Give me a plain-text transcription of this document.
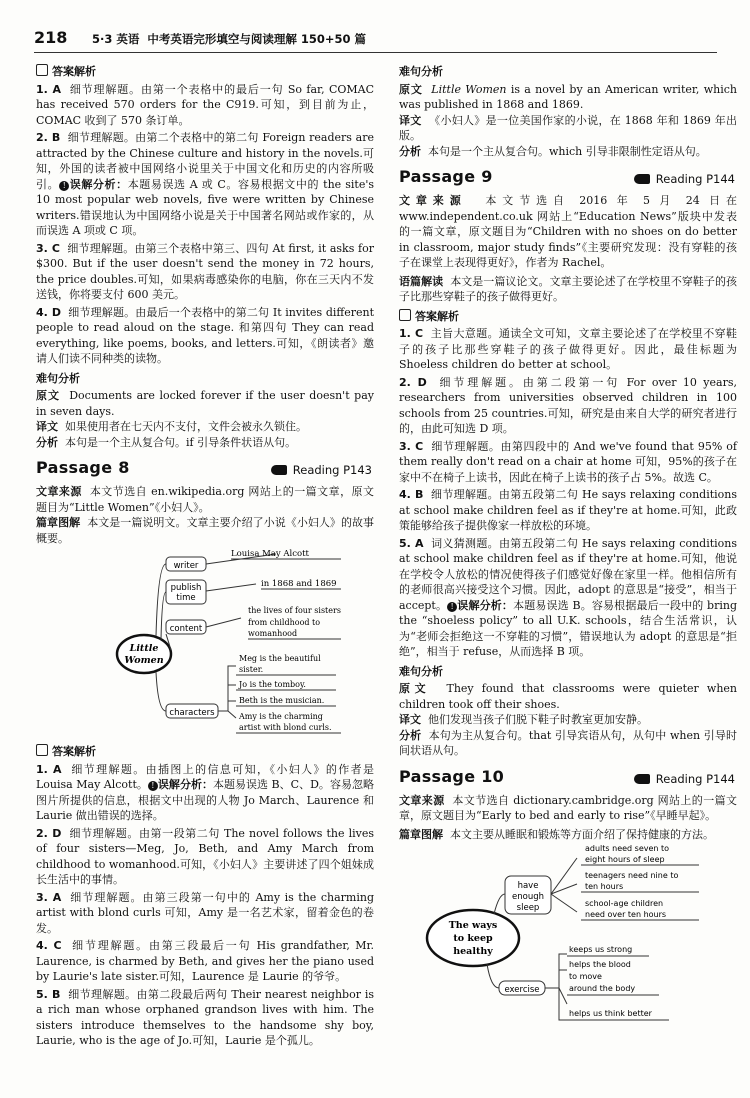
218 5·3 英语 中考英语完形填空与阅读理解 150+50 篇
答案解析
1. A 细节理解题。由第一个表格中的最后一句 So far, COMAC has received 570 orders for the C919.可知，到目前为止，COMAC 收到了 570 条订单。
2. B 细节理解题。由第二个表格中的第二句 Foreign readers are attracted by the Chinese culture and history in the novels.可知，外国的读者被中国网络小说里关于中国文化和历史的内容所吸引。 ! 误解分析：本题易误选 A 或 C。容易根据文中的 the site's 10 most popular web novels, five were written by Chinese writers.错误地认为中国网络小说是关于中国著名网站或作家的，从而误选 A 项或 C 项。
3. C 细节理解题。由第三个表格中第三、四句 At first, it asks for $300. But if the user doesn't send the money in 72 hours, the price doubles.可知，如果病毒感染你的电脑，你在三天内不发送钱，你将要支付 600 美元。
4. D 细节理解题。由最后一个表格中的第二句 It invites different people to read aloud on the stage. 和第四句 They can read everything, like poems, books, and letters.可知，《朗读者》邀请人们读不同种类的读物。
难句分析

原文 Documents are locked forever if the user doesn't pay in seven days.

译文 如果使用者在七天内不支付，文件会被永久锁住。

分析 本句是一个主从复合句。if 引导条件状语从句。

Passage 8	Reading P143

文章来源 本文节选自 en.wikipedia.org 网站上的一篇文章，原文题目为“Little Women”《小妇人》。

篇章图解 本文是一篇说明文。文章主要介绍了小说《小妇人》的故事概要。

Little
Women
writer
Louisa May Alcott
publish
time
in 1868 and 1869
content
the lives of four sisters
from childhood to
womanhood
characters
Meg is the beautiful
sister.
Jo is the tomboy.
Beth is the musician.
Amy is the charming
artist with blond curls.
答案解析
1. A 细节理解题。由插图上的信息可知，《小妇人》的作者是 Louisa May Alcott。 ! 误解分析：本题易误选 B、C、D。容易忽略图片所提供的信息，根据文中出现的人物 Jo March、Laurence 和 Laurie 做出错误的选择。
2. D 细节理解题。由第一段第二句 The novel follows the lives of four sisters—Meg, Jo, Beth, and Amy March from childhood to womanhood.可知，《小妇人》主要讲述了四个姐妹成长生活中的事情。
3. A 细节理解题。由第三段第一句中的 Amy is the charming artist with blond curls 可知，Amy 是一名艺术家，留着金色的卷发。
4. C 细节理解题。由第三段最后一句 His grandfather, Mr. Laurence, is charmed by Beth, and gives her the piano used by Laurie's late sister.可知，Laurence 是 Laurie 的爷爷。
5. B 细节理解题。由第二段最后两句 Their nearest neighbor is a rich man whose orphaned grandson lives with him. The sisters introduce themselves to the handsome shy boy, Laurie, who is the age of Jo.可知，Laurie 是个孤儿。
难句分析

原文 Little Women is a novel by an American writer, which was published in 1868 and 1869.

译文 《小妇人》是一位美国作家的小说，在 1868 年和 1869 年出版。

分析 本句是一个主从复合句。which 引导非限制性定语从句。

Passage 9	Reading P144

文章来源 本文节选自 2016 年 5 月 24 日在 www.independent.co.uk 网站上“Education News”版块中发表的一篇文章，原文题目为“Children with no shoes on do better in classroom, major study finds”《主要研究发现：没有穿鞋的孩子在课堂上表现得更好》，作者为 Rachel。

语篇解读 本文是一篇议论文。文章主要论述了在学校里不穿鞋子的孩子比那些穿鞋子的孩子做得更好。

答案解析
1. C 主旨大意题。通读全文可知，文章主要论述了在学校里不穿鞋子的孩子比那些穿鞋子的孩子做得更好。因此，最佳标题为 Shoeless children do better at school。
2. D 细节理解题。由第二段第一句 For over 10 years, researchers from universities observed children in 100 schools from 25 countries.可知，研究是由来自大学的研究者进行的，由此可知选 D 项。
3. C 细节理解题。由第四段中的 And we've found that 95% of them really don't read on a chair at home 可知，95%的孩子在家中不在椅子上读书，因此在椅子上读书的孩子占 5%。故选 C。
4. B 细节理解题。由第五段第二句 He says relaxing conditions at school make children feel as if they're at home.可知，此政策能够给孩子提供像家一样放松的环境。
5. A 词义猜测题。由第五段第二句 He says relaxing conditions at school make children feel as if they're at home.可知，他说在学校令人放松的情况使得孩子们感觉好像在家里一样。他相信所有的老师很高兴接受这个习惯。因此，adopt 的意思是“接受”，相当于 accept。 ! 误解分析：本题易误选 B。容易根据最后一段中的 bring the “shoeless policy” to all U.K. schools，结合生活常识，认为“老师会拒绝这一不穿鞋的习惯”，错误地认为 adopt 的意思是“拒绝”，相当于 refuse，从而选择 B 项。
难句分析

原文 They found that classrooms were quieter when children took off their shoes.

译文 他们发现当孩子们脱下鞋子时教室更加安静。

分析 本句为主从复合句。that 引导宾语从句，从句中 when 引导时间状语从句。

Passage 10	Reading P144

文章来源 本文节选自 dictionary.cambridge.org 网站上的一篇文章，原文题目为“Early to bed and early to rise”《早睡早起》。

篇章图解 本文主要从睡眠和锻炼等方面介绍了保持健康的方法。

The ways
to keep
healthy
have
enough
sleep
adults need seven to
eight hours of sleep
teenagers need nine to
ten hours
school-age children
need over ten hours
exercise
keeps us strong
helps the blood
to move
around the body
helps us think better
